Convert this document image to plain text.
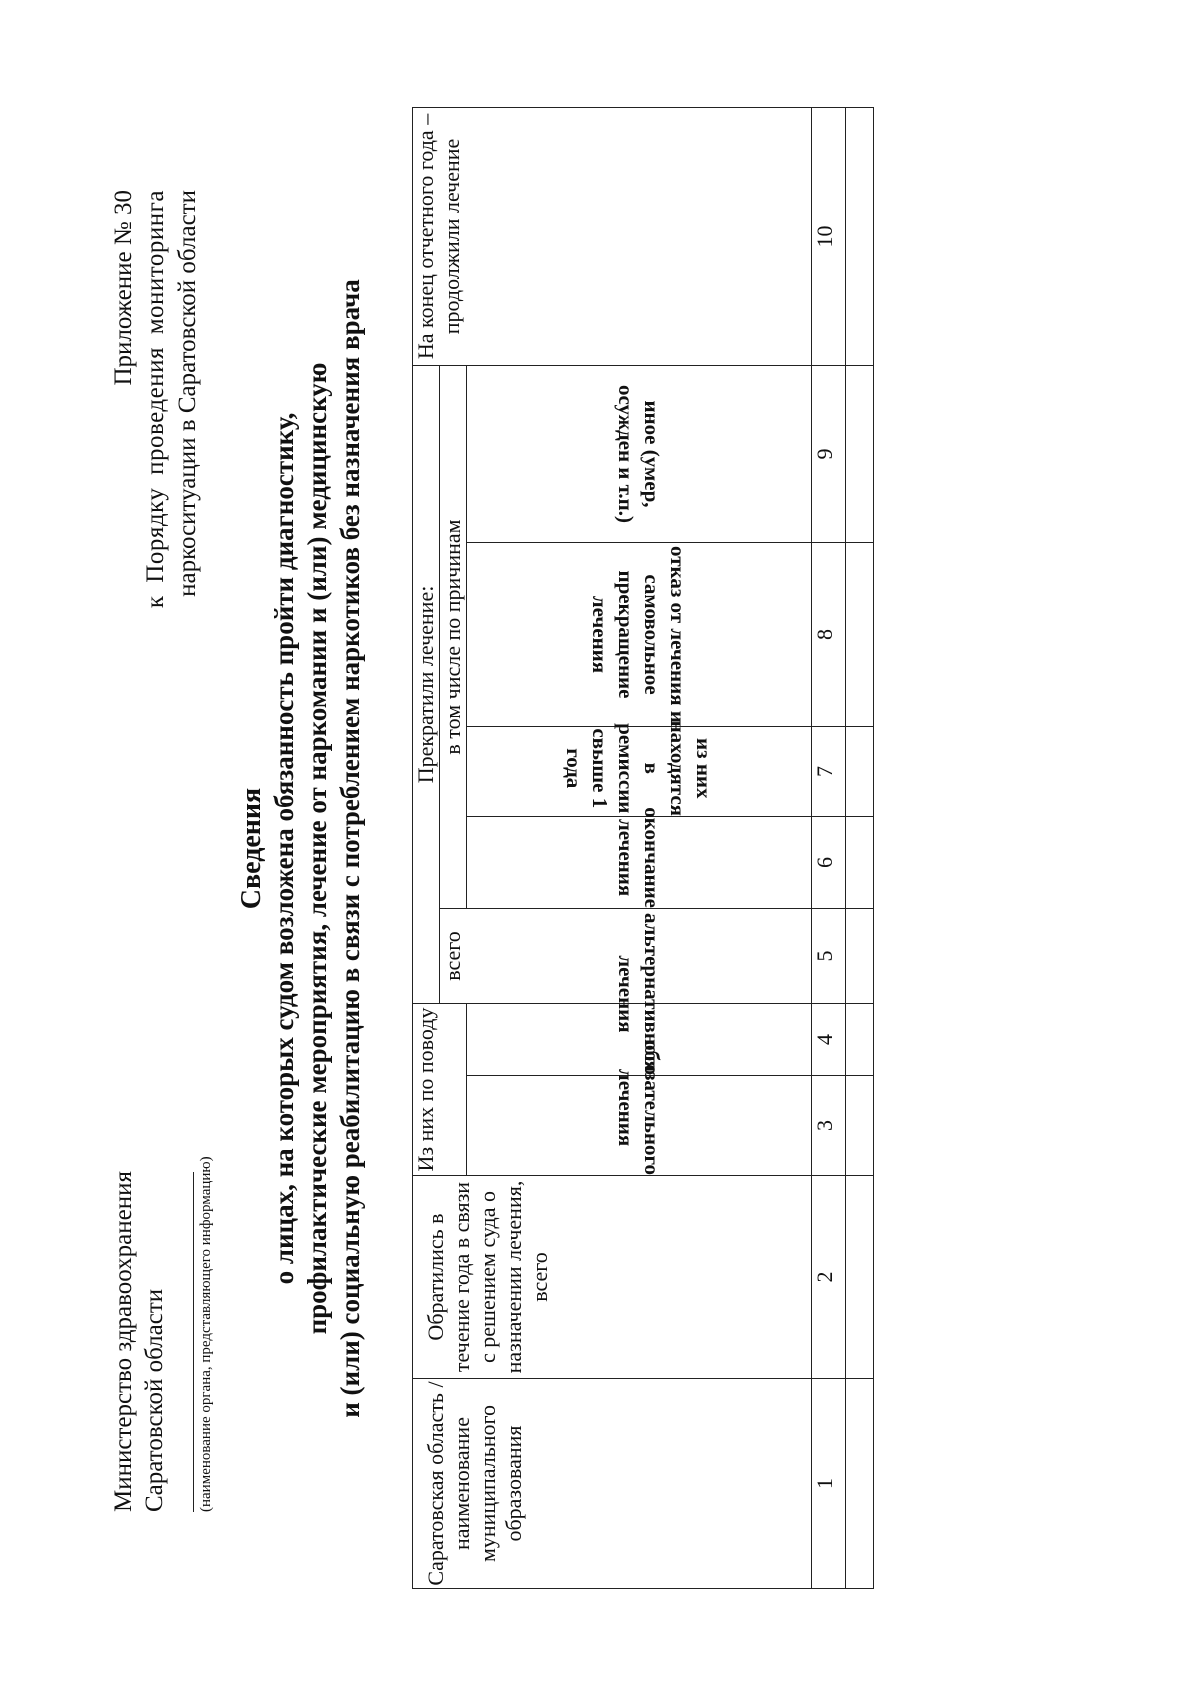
Министерство здравоохранения Саратовской области (наименование органа, представляющего информацию)
Приложение № 30 к Порядку проведения мониторинга наркоситуации в Саратовской области
Сведения о лицах, на которых судом возложена обязанность пройти диагностику, профилактические мероприятия, лечение от наркомании и (или) медицинскую и (или) социальную реабилитацию в связи с потреблением наркотиков без назначения врача
Саратовская область / наименование муниципального образования	Обратились в течение года в связи с решением суда о назначении лечения, всего	Из них по поводу		Прекратили лечение:					На конец отчетного года – продолжили лечение
				всего	в том числе по причинам				
		обязательного лечения	альтернативного лечения		окончание лечения	из них находятся в ремиссии свыше 1 года	отказ от лечения и самовольное прекращение лечения	иное (умер, осужден и т.п.)	
1	2	3	4	5	6	7	8	9	10
